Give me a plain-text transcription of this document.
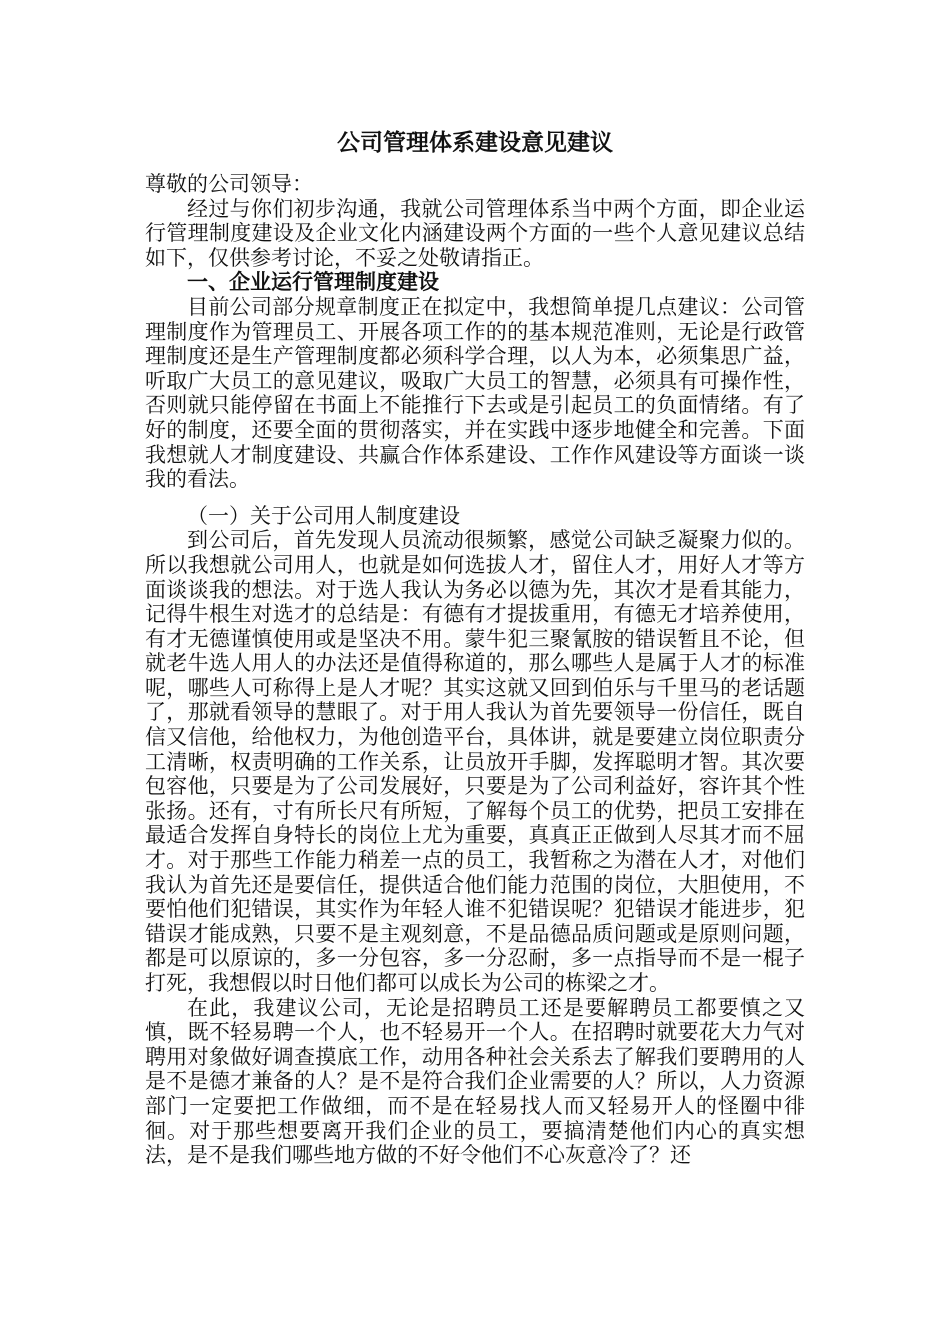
公司管理体系建设意见建议

尊敬的公司领导：

经过与你们初步沟通，我就公司管理体系当中两个方面，即企业运行管理制度建设及企业文化内涵建设两个方面的一些个人意见建议总结如下，仅供参考讨论，不妥之处敬请指正。

一、企业运行管理制度建设

目前公司部分规章制度正在拟定中，我想简单提几点建议：公司管理制度作为管理员工、开展各项工作的的基本规范准则，无论是行政管理制度还是生产管理制度都必须科学合理，以人为本，必须集思广益，听取广大员工的意见建议，吸取广大员工的智慧，必须具有可操作性，否则就只能停留在书面上不能推行下去或是引起员工的负面情绪。有了好的制度，还要全面的贯彻落实，并在实践中逐步地健全和完善。下面我想就人才制度建设、共赢合作体系建设、工作作风建设等方面谈一谈我的看法。

（一）关于公司用人制度建设

到公司后，首先发现人员流动很频繁，感觉公司缺乏凝聚力似的。所以我想就公司用人，也就是如何选拔人才，留住人才，用好人才等方面谈谈我的想法。对于选人我认为务必以德为先，其次才是看其能力，记得牛根生对选才的总结是：有德有才提拔重用，有德无才培养使用，有才无德谨慎使用或是坚决不用。蒙牛犯三聚氰胺的错误暂且不论，但就老牛选人用人的办法还是值得称道的，那么哪些人是属于人才的标准呢，哪些人可称得上是人才呢？其实这就又回到伯乐与千里马的老话题了，那就看领导的慧眼了。对于用人我认为首先要领导一份信任，既自信又信他，给他权力，为他创造平台，具体讲，就是要建立岗位职责分工清晰，权责明确的工作关系，让员放开手脚，发挥聪明才智。其次要包容他，只要是为了公司发展好，只要是为了公司利益好，容许其个性张扬。还有，寸有所长尺有所短，了解每个员工的优势，把员工安排在最适合发挥自身特长的岗位上尤为重要，真真正正做到人尽其才而不屈才。对于那些工作能力稍差一点的员工，我暂称之为潜在人才，对他们我认为首先还是要信任，提供适合他们能力范围的岗位，大胆使用，不要怕他们犯错误，其实作为年轻人谁不犯错误呢？犯错误才能进步，犯错误才能成熟，只要不是主观刻意，不是品德品质问题或是原则问题，都是可以原谅的，多一分包容，多一分忍耐，多一点指导而不是一棍子打死，我想假以时日他们都可以成长为公司的栋梁之才。

在此，我建议公司，无论是招聘员工还是要解聘员工都要慎之又慎，既不轻易聘一个人，也不轻易开一个人。在招聘时就要花大力气对聘用对象做好调查摸底工作，动用各种社会关系去了解我们要聘用的人是不是德才兼备的人？是不是符合我们企业需要的人？所以，人力资源部门一定要把工作做细，而不是在轻易找人而又轻易开人的怪圈中徘徊。对于那些想要离开我们企业的员工，要搞清楚他们内心的真实想法，是不是我们哪些地方做的不好令他们不心灰意冷了？还
